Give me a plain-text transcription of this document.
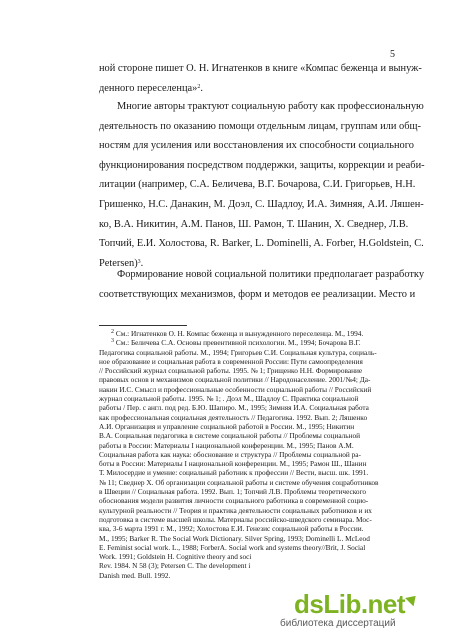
5
ной стороне пишет О. Н. Игнатенков в книге «Компас беженца и вынуж-
денного переселенца»$^2$.
Многие авторы трактуют социальную работу как профессиональную
деятельность по оказанию помощи отдельным лицам, группам или общ-
ностям для усиления или восстановления их способности социального
функционирования посредством поддержки, защиты, коррекции и реаби-
литации (например, С.А. Беличева, В.Г. Бочарова, С.И. Григорьев, Н.Н.
Гришенко, Н.С. Данакин, М. Доэл, С. Шадлоу, И.А. Зимняя, А.И. Ляшен-
ко, В.А. Никитин, А.М. Панов, Ш. Рамон, Т. Шанин, Х. Сведнер, Л.В.
Топчий, Е.И. Холостова, R. Barker, L. Dominelli, A. Forber, H.Goldstein, C.
Petersen)$^3$.
Формирование новой социальной политики предполагает разработку
соответствующих механизмов, форм и методов ее реализации. Место и
$^2$ См.: Игнатенков О. Н. Компас беженца и вынужденного переселенца. М., 1994.
$^3$ См.: Беличева С.А. Основы превентивной психологии. М., 1994; Бочарова В.Г.
Педагогика социальной работы. М., 1994; Григорьев С.И. Социальная культура, социаль-
ное образование и социальная работа в современной России: Пути самоопределения
// Российский журнал социальной работы. 1995. № 1; Грищенко Н.Н. Формирование
правовых основ и механизмов социальной политики // Народонаселение. 2001/№4; Да-
накин И.С. Смысл и профессиональные особенности социальной работы // Российский
журнал социальной работы. 1995. № 1; . Доэл М., Шадлоу С. Практика социальной
работы / Пер. с англ. под ред. Б.Ю. Шапиро. М., 1995; Зимняя И.А. Социальная работа
как профессиональная социальная деятельность // Педагогика. 1992. Вып. 2; Ляшенко
А.И. Организация и управление социальной работой в России. М., 1995; Никитин
В.А. Социальная педагогика в системе социальной работы // Проблемы социальной
работы в России: Материалы I национальной конференции. М., 1995; Панов А.М.
Социальная работа как наука: обоснование и структура // Проблемы социальной ра-
боты в России: Материалы I национальной конференции. М., 1995; Рамон Ш., Шанин
Т. Милосердие и умение: социальный работник к профессии // Вести, высш. шк. 1991.
№ 11; Сведнер Х. Об организации социальной работы и системе обучения соцработников
в Швеции // Социальная работа. 1992. Вып. 1; Топчий Л.В. Проблемы теоретического
обоснования модели развития личности социального работника в современной социо-
культурной реальности // Теория и практика деятельности социальных работников и их
подготовка в системе высшей школы. Материалы российско-шведского семинара. Мос-
ква, 3-6 марта 1991 г. М., 1992; Холостова Е.И. Генезис социальной работы в России.
М., 1995; Barker R. The Social Work Dictionary. Silver Spring, 1993; Dominelli L. McLeod
E. Feminist social work. L., 1988; ForberA. Social work and systems theory//Brit, J. Social
Work. 1991; Goldstein H. Cognitive theory and soci
Rev. 1984. N 58 (3); Petersen C. The development i
Danish med. Bull. 1992.
dsLib.net
библиотека диссертаций
